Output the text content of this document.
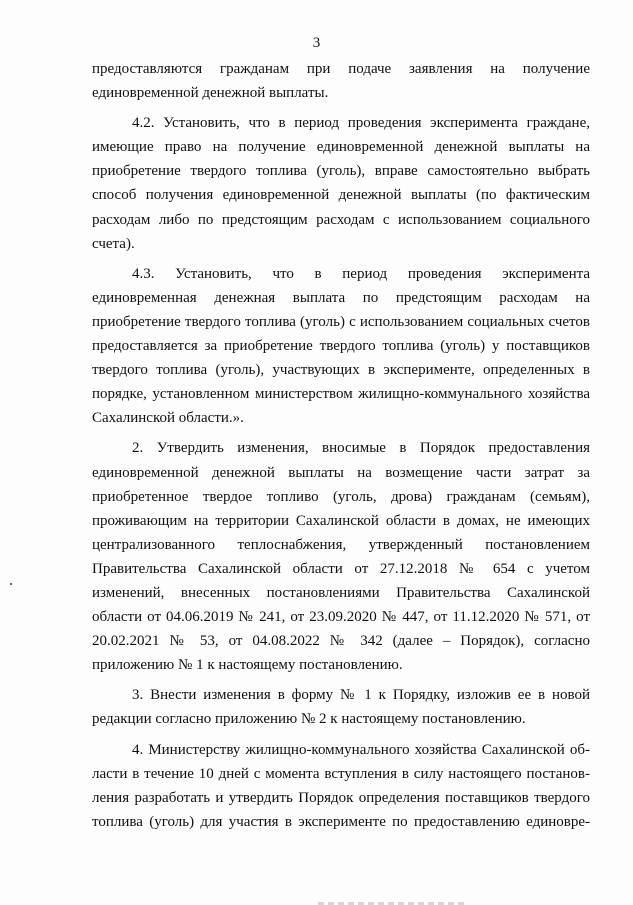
3
предоставляются гражданам при подаче заявления на получение
единовременной денежной выплаты.
4.2. Установить, что в период проведения эксперимента граждане,
имеющие право на получение единовременной денежной выплаты на
приобретение твердого топлива (уголь), вправе самостоятельно выбрать
способ получения единовременной денежной выплаты (по фактическим
расходам либо по предстоящим расходам с использованием социального
счета).
4.3. Установить, что в период проведения эксперимента
единовременная денежная выплата по предстоящим расходам на
приобретение твердого топлива (уголь) с использованием социальных счетов
предоставляется за приобретение твердого топлива (уголь) у поставщиков
твердого топлива (уголь), участвующих в эксперименте, определенных в
порядке, установленном министерством жилищно-коммунального хозяйства
Сахалинской области.».
2. Утвердить изменения, вносимые в Порядок предоставления
единовременной денежной выплаты на возмещение части затрат за
приобретенное твердое топливо (уголь, дрова) гражданам (семьям),
проживающим на территории Сахалинской области в домах, не имеющих
централизованного теплоснабжения, утвержденный постановлением
Правительства Сахалинской области от 27.12.2018 № 654 с учетом
изменений, внесенных постановлениями Правительства Сахалинской
области от 04.06.2019 № 241, от 23.09.2020 № 447, от 11.12.2020 № 571, от
20.02.2021 № 53, от 04.08.2022 № 342 (далее – Порядок), согласно
приложению № 1 к настоящему постановлению.
3. Внести изменения в форму № 1 к Порядку, изложив ее в новой
редакции согласно приложению № 2 к настоящему постановлению.
4. Министерству жилищно-коммунального хозяйства Сахалинской об-
ласти в течение 10 дней с момента вступления в силу настоящего постанов-
ления разработать и утвердить Порядок определения поставщиков твердого
топлива (уголь) для участия в эксперименте по предоставлению единовре-
